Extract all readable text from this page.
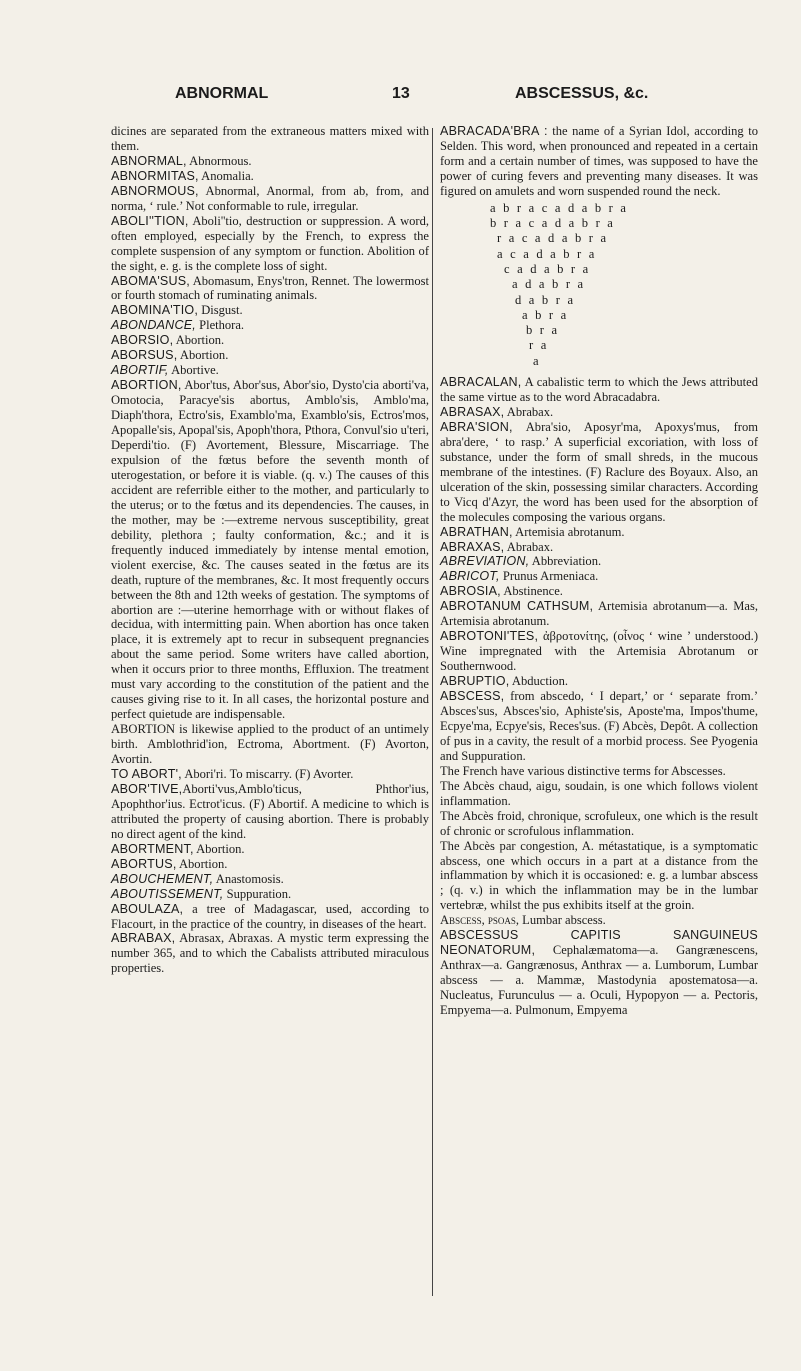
ABNORMAL	13	ABSCESSUS, &c.

dicines are separated from the extraneous matters mixed with them.

ABNORMAL, Abnormous.

ABNORMITAS, Anomalia.

ABNORMOUS, Abnormal, Anormal, from ab, from, and norma, ‘ rule.’ Not conformable to rule, irregular.

ABOLI''TION, Aboli''tio, destruction or suppression. A word, often employed, especially by the French, to express the complete suspension of any symptom or function. Abolition of the sight, e. g. is the complete loss of sight.

ABOMA'SUS, Abomasum, Enys'tron, Rennet. The lowermost or fourth stomach of ruminating animals.

ABOMINA'TIO, Disgust.

ABONDANCE, Plethora.

ABORSIO, Abortion.

ABORSUS, Abortion.

ABORTIF, Abortive.

ABORTION, Abor'tus, Abor'sus, Abor'sio, Dysto'cia aborti'va, Omotocia, Paracye'sis abortus, Amblo'sis, Amblo'ma, Diaph'thora, Ectro'sis, Examblo'ma, Examblo'sis, Ectros'mos, Apopalle'sis, Apopal'sis, Apoph'thora, Pthora, Convul'sio u'teri, Deperdi'tio. (F) Avortement, Blessure, Miscarriage. The expulsion of the fœtus before the seventh month of uterogestation, or before it is viable. (q. v.) The causes of this accident are referrible either to the mother, and particularly to the uterus; or to the fœtus and its dependencies. The causes, in the mother, may be :—extreme nervous susceptibility, great debility, plethora ; faulty conformation, &c.; and it is frequently induced immediately by intense mental emotion, violent exercise, &c. The causes seated in the fœtus are its death, rupture of the membranes, &c. It most frequently occurs between the 8th and 12th weeks of gestation. The symptoms of abortion are :—uterine hemorrhage with or without flakes of decidua, with intermitting pain. When abortion has once taken place, it is extremely apt to recur in subsequent pregnancies about the same period. Some writers have called abortion, when it occurs prior to three months, Effluxion. The treatment must vary according to the constitution of the patient and the causes giving rise to it. In all cases, the horizontal posture and perfect quietude are indispensable.

ABORTION is likewise applied to the product of an untimely birth. Amblothrid'ion, Ectroma, Abortment. (F) Avorton, Avortin.

TO ABORT', Abori'ri. To miscarry. (F) Avorter.

ABOR'TIVE,Aborti'vus,Amblo'ticus, Phthor'ius, Apophthor'ius. Ectrot'icus. (F) Abortif. A medicine to which is attributed the property of causing abortion. There is probably no direct agent of the kind.

ABORTMENT, Abortion.

ABORTUS, Abortion.

ABOUCHEMENT, Anastomosis.

ABOUTISSEMENT, Suppuration.

ABOULAZA, a tree of Madagascar, used, according to Flacourt, in the practice of the country, in diseases of the heart.

ABRABAX, Abrasax, Abraxas. A mystic term expressing the number 365, and to which the Cabalists attributed miraculous properties.

ABRACADA'BRA : the name of a Syrian Idol, according to Selden. This word, when pronounced and repeated in a certain form and a certain number of times, was supposed to have the power of curing fevers and preventing many diseases. It was figured on amulets and worn suspended round the neck.

a b r a c a d a b r a
b r a c a d a b r a
r a c a d a b r a
a c a d a b r a
c a d a b r a
a d a b r a
d a b r a
a b r a
b r a
r a
a

ABRACALAN, A cabalistic term to which the Jews attributed the same virtue as to the word Abracadabra.

ABRASAX, Abrabax.

ABRA'SION, Abra'sio, Aposyr'ma, Apoxys'mus, from abra'dere, ‘ to rasp.’ A superficial excoriation, with loss of substance, under the form of small shreds, in the mucous membrane of the intestines. (F) Raclure des Boyaux. Also, an ulceration of the skin, possessing similar characters. According to Vicq d'Azyr, the word has been used for the absorption of the molecules composing the various organs.

ABRATHAN, Artemisia abrotanum.

ABRAXAS, Abrabax.

ABREVIATION, Abbreviation.

ABRICOT, Prunus Armeniaca.

ABROSIA, Abstinence.

ABROTANUM CATHSUM, Artemisia abrotanum—a. Mas, Artemisia abrotanum.

ABROTONI'TES, ἀβροτονίτης, (οἶνος ‘ wine ’ understood.) Wine impregnated with the Artemisia Abrotanum or Southernwood.

ABRUPTIO, Abduction.

ABSCESS, from abscedo, ‘ I depart,’ or ‘ separate from.’ Absces'sus, Absces'sio, Aphiste'sis, Aposte'ma, Impos'thume, Ecpye'ma, Ecpye'sis, Reces'sus. (F) Abcès, Depôt. A collection of pus in a cavity, the result of a morbid process. See Pyogenia and Suppuration.

The French have various distinctive terms for Abscesses.

The Abcès chaud, aigu, soudain, is one which follows violent inflammation.

The Abcès froid, chronique, scrofuleux, one which is the result of chronic or scrofulous inflammation.

The Abcès par congestion, A. métastatique, is a symptomatic abscess, one which occurs in a part at a distance from the inflammation by which it is occasioned: e. g. a lumbar abscess ; (q. v.) in which the inflammation may be in the lumbar vertebræ, whilst the pus exhibits itself at the groin.

Abscess, psoas, Lumbar abscess.

ABSCESSUS CAPITIS SANGUINEUS NEONATORUM, Cephalæmatoma—a. Gangrænescens, Anthrax—a. Gangrænosus, Anthrax — a. Lumborum, Lumbar abscess — a. Mammæ, Mastodynia apostematosa—a. Nucleatus, Furunculus — a. Oculi, Hypopyon — a. Pectoris, Empyema—a. Pulmonum, Empyema
